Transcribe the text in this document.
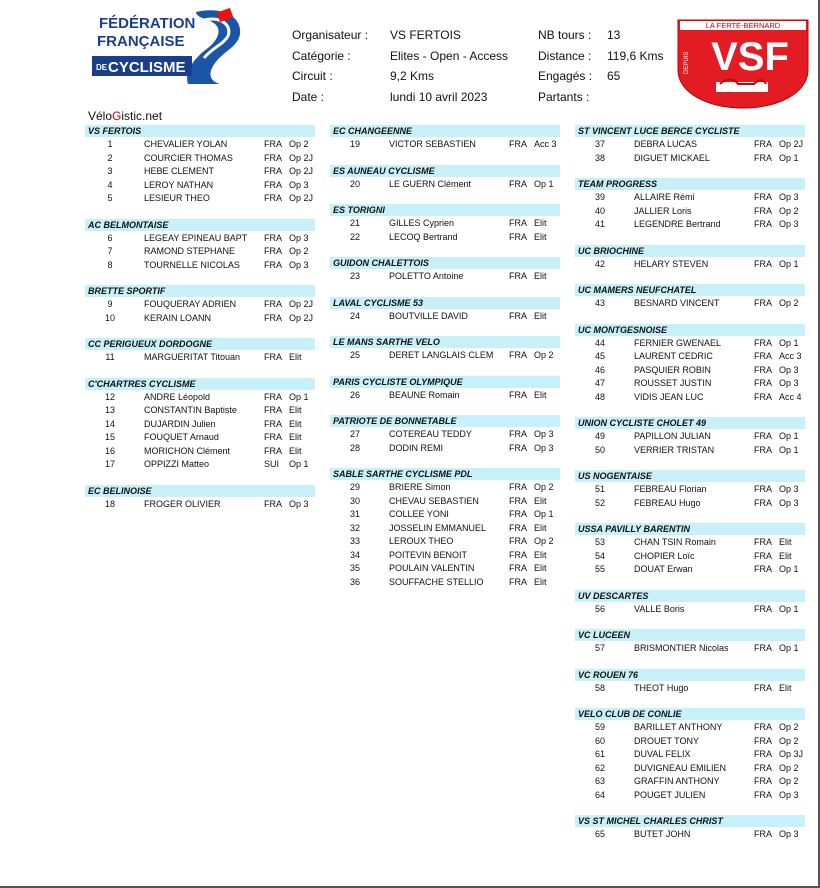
FÉDÉRATION
FRANÇAISE
DE CYCLISME
Organisateur : VS FERTOIS
Catégorie :	Elites - Open - Access
Circuit :	9,2 Kms
Date :	lundi 10 avril 2023
NB tours : 13
Distance : 119,6 Kms
Engagés : 65
Partants :
LA FERTE-BERNARD
DEPUIS VSF
VéloGistic.net
VS FERTOIS
1	CHEVALIER YOLAN	FRA Op 2
2	COURCIER THOMAS	FRA Op 2J
3	HEBE CLEMENT	FRA Op 2J
4	LEROY NATHAN	FRA Op 3
5	LESIEUR THEO	FRA Op 2J
AC BELMONTAISE
6	LEGEAY EPINEAU BAPT	FRA Op 3
7	RAMOND STEPHANE	FRA Op 2
8	TOURNELLE NICOLAS	FRA Op 3
BRETTE SPORTIF
9	FOUQUERAY ADRIEN	FRA Op 2J
10	KERAIN LOANN	FRA Op 2J
CC PERIGUEUX DORDOGNE
11	MARGUERITAT Titouan	FRA Elit
C'CHARTRES CYCLISME
12	ANDRE Léopold	FRA Op 1
13	CONSTANTIN Baptiste	FRA Elit
14	DUJARDIN Julien	FRA Elit
15	FOUQUET Arnaud	FRA Elit
16	MORICHON Clément	FRA Elit
17	OPPIZZI Matteo	SUI Op 1
EC BELINOISE
18	FROGER OLIVIER	FRA Op 3
EC CHANGEENNE
19	VICTOR SEBASTIEN	FRA Acc 3
ES AUNEAU CYCLISME
20	LE GUERN Clément	FRA Op 1
ES TORIGNI
21	GILLES Cyprien	FRA Elit
22	LECOQ Bertrand	FRA Elit
GUIDON CHALETTOIS
23	POLETTO Antoine	FRA Elit
LAVAL CYCLISME 53
24	BOUTVILLE DAVID	FRA Elit
LE MANS SARTHE VELO
25	DERET LANGLAIS CLEM	FRA Op 2
PARIS CYCLISTE OLYMPIQUE
26	BEAUNE Romain	FRA Elit
PATRIOTE DE BONNETABLE
27	COTEREAU TEDDY	FRA Op 3
28	DODIN REMI	FRA Op 3
SABLE SARTHE CYCLISME PDL
29	BRIERE Simon	FRA Op 2
30	CHEVAU SEBASTIEN	FRA Elit
31	COLLEE YONI	FRA Op 1
32	JOSSELIN EMMANUEL	FRA Elit
33	LEROUX THEO	FRA Op 2
34	POITEVIN BENOIT	FRA Elit
35	POULAIN VALENTIN	FRA Elit
36	SOUFFACHE STELLIO	FRA Elit
ST VINCENT LUCE BERCE CYCLISTE
37	DEBRA LUCAS	FRA Op 2J
38	DIGUET MICKAEL	FRA Op 1
TEAM PROGRESS
39	ALLAIRE Rémi	FRA Op 3
40	JALLIER Loris	FRA Op 2
41	LEGENDRE Bertrand	FRA Op 3
UC BRIOCHINE
42	HELARY STEVEN	FRA Op 1
UC MAMERS NEUFCHATEL
43	BESNARD VINCENT	FRA Op 2
UC MONTGESNOISE
44	FERNIER GWENAEL	FRA Op 1
45	LAURENT CEDRIC	FRA Acc 3
46	PASQUIER ROBIN	FRA Op 3
47	ROUSSET JUSTIN	FRA Op 3
48	VIDIS JEAN LUC	FRA Acc 4
UNION CYCLISTE CHOLET 49
49	PAPILLON JULIAN	FRA Op 1
50	VERRIER TRISTAN	FRA Op 1
US NOGENTAISE
51	FEBREAU Florian	FRA Op 3
52	FEBREAU Hugo	FRA Op 3
USSA PAVILLY BARENTIN
53	CHAN TSIN Romain	FRA Elit
54	CHOPIER Loïc	FRA Elit
55	DOUAT Erwan	FRA Op 1
UV DESCARTES
56	VALLE Boris	FRA Op 1
VC LUCEEN
57	BRISMONTIER Nicolas	FRA Op 1
VC ROUEN 76
58	THEOT Hugo	FRA Elit
VELO CLUB DE CONLIE
59	BARILLET ANTHONY	FRA Op 2
60	DROUET TONY	FRA Op 2
61	DUVAL FELIX	FRA Op 3J
62	DUVIGNEAU EMILIEN	FRA Op 2
63	GRAFFIN ANTHONY	FRA Op 2
64	POUGET JULIEN	FRA Op 3
VS ST MICHEL CHARLES CHRIST
65	BUTET JOHN	FRA Op 3
